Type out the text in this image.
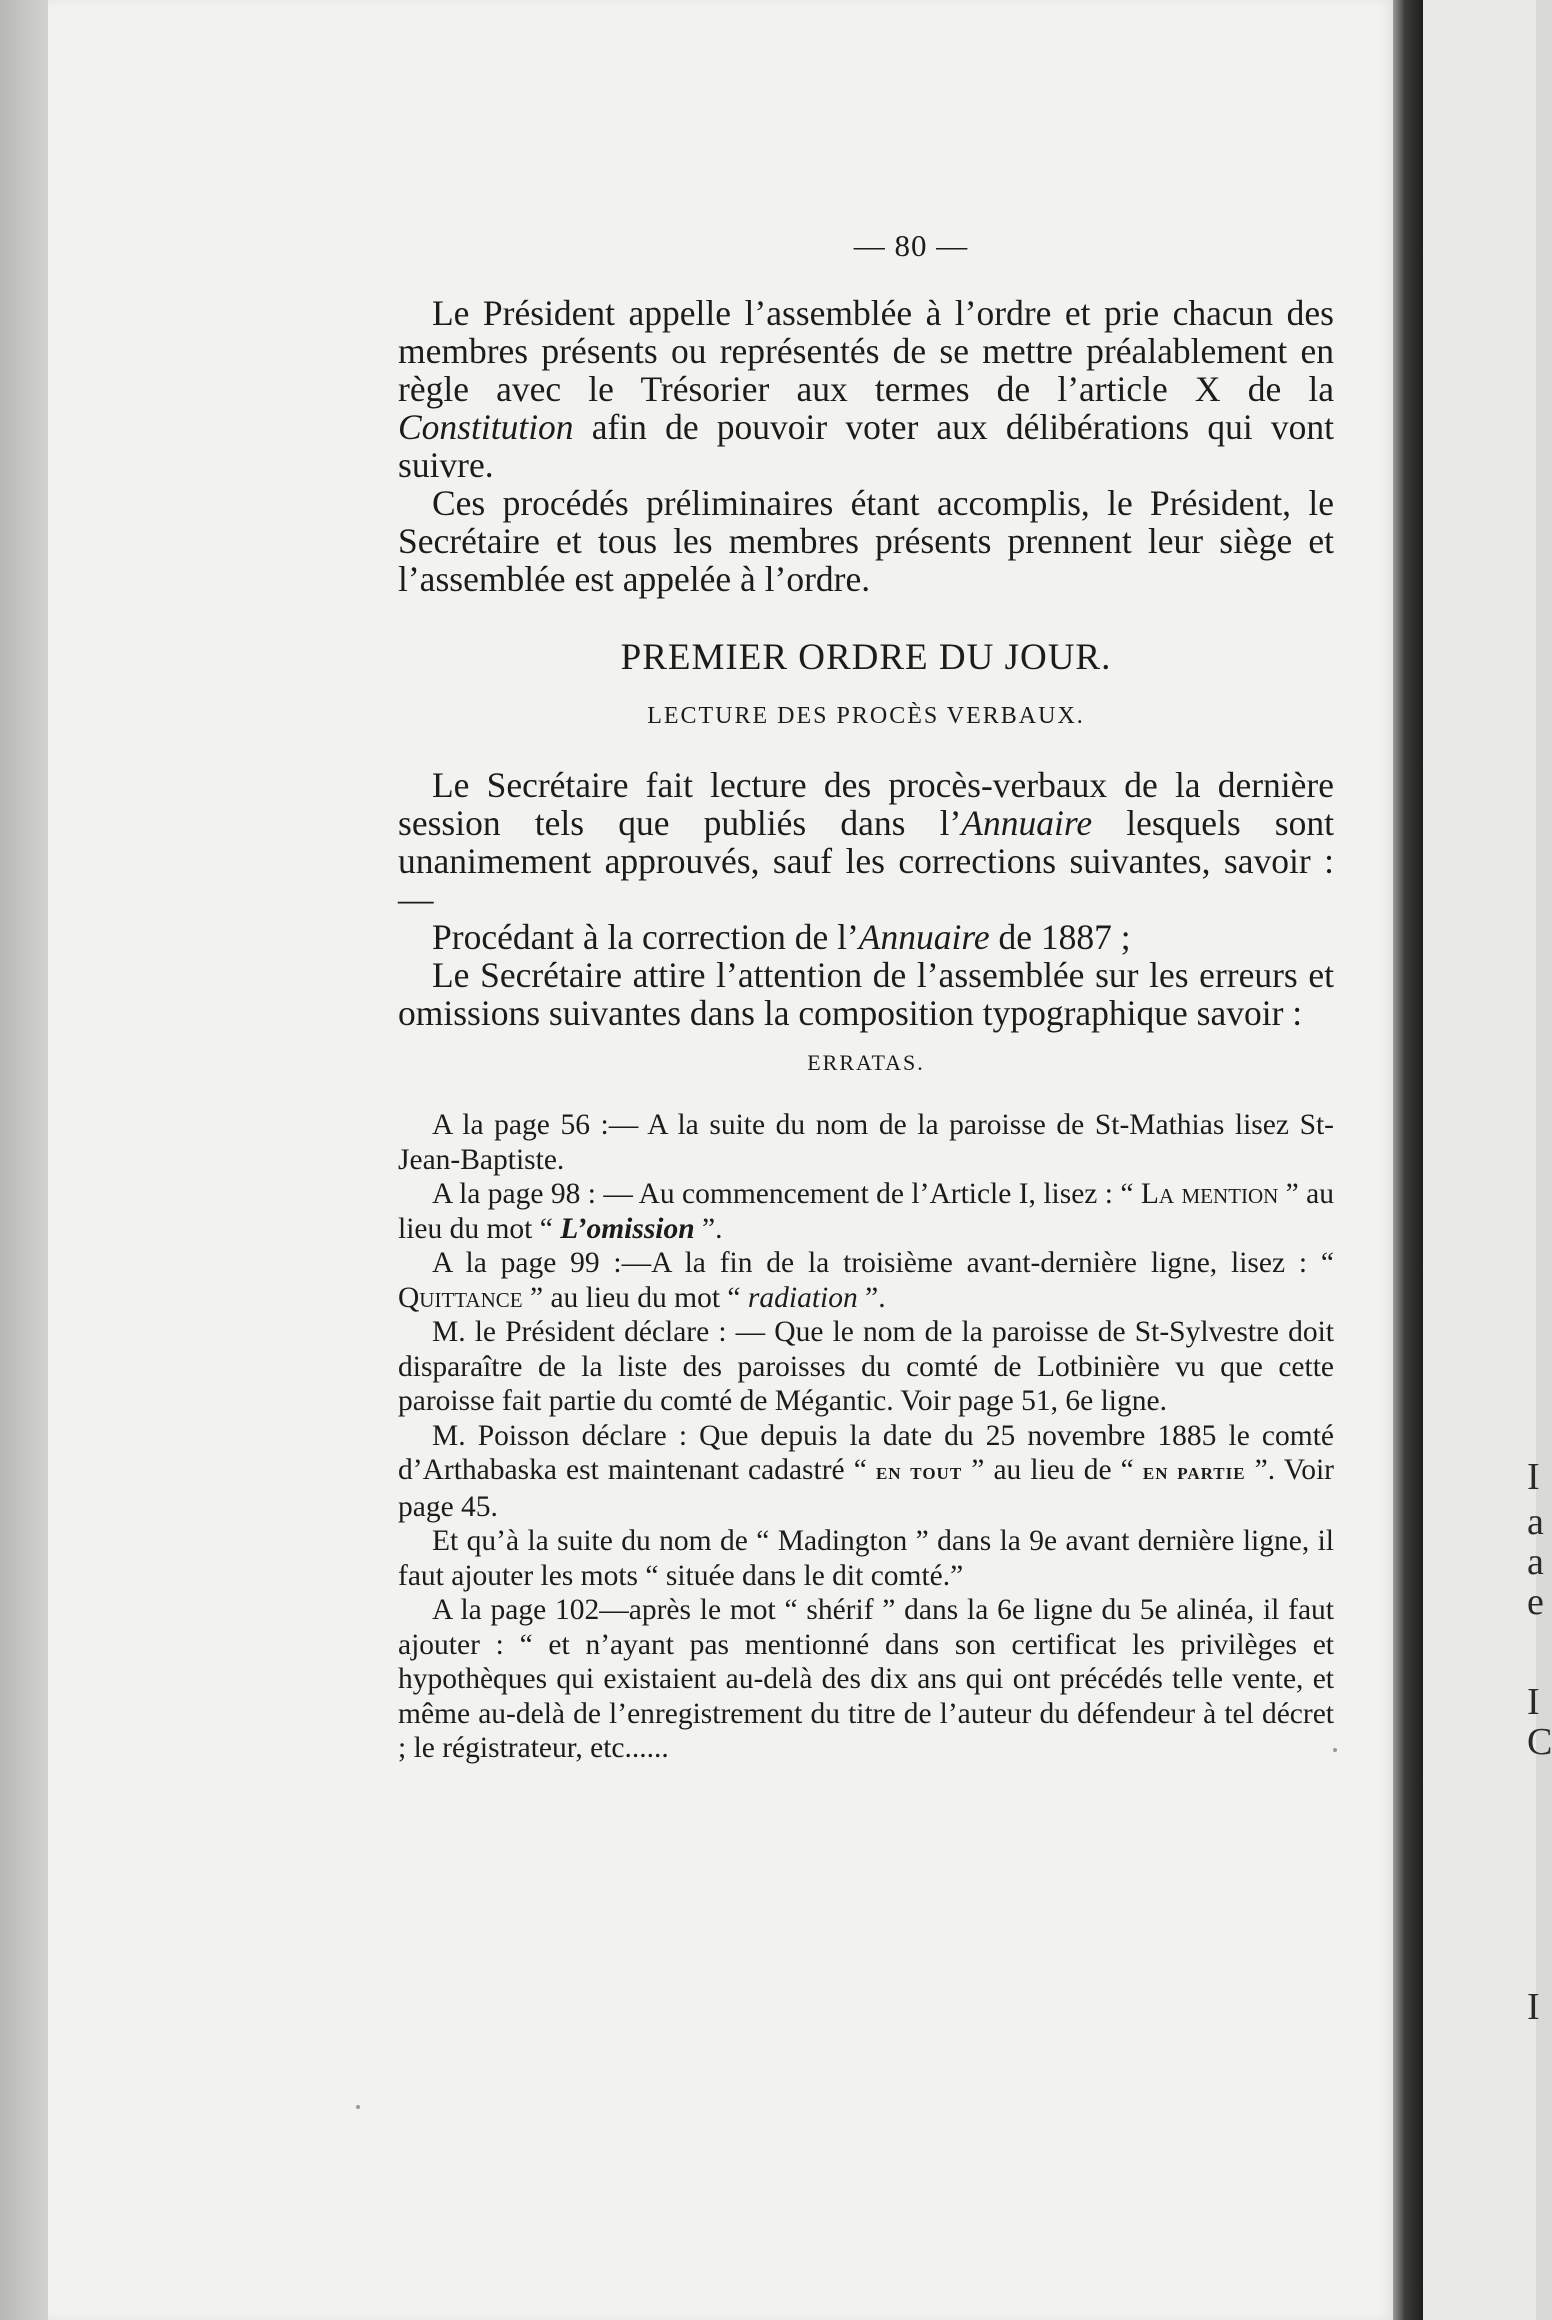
— 80 —

Le Président appelle l’assemblée à l’ordre et prie chacun des membres présents ou représentés de se mettre préalablement en règle avec le Trésorier aux termes de l’article X de la Constitution afin de pouvoir voter aux délibérations qui vont suivre.

Ces procédés préliminaires étant accomplis, le Président, le Secrétaire et tous les membres présents prennent leur siège et l’assemblée est appelée à l’ordre.

PREMIER ORDRE DU JOUR.
LECTURE DES PROCÈS VERBAUX.

Le Secrétaire fait lecture des procès-verbaux de la dernière session tels que publiés dans l’Annuaire lesquels sont unanimement approuvés, sauf les corrections suivantes, savoir :—

Procédant à la correction de l’Annuaire de 1887 ;

Le Secrétaire attire l’attention de l’assemblée sur les erreurs et omissions suivantes dans la composition typographique savoir :

ERRATAS.

A la page 56 :— A la suite du nom de la paroisse de St-Mathias lisez St-Jean-Baptiste.

A la page 98 : — Au commencement de l’Article I, lisez : “ La mention ” au lieu du mot “ L’omission ”.

A la page 99 :—A la fin de la troisième avant-dernière ligne, lisez : “ Quittance ” au lieu du mot “ radiation ”.

M. le Président déclare : — Que le nom de la paroisse de St-Sylvestre doit disparaître de la liste des paroisses du comté de Lotbinière vu que cette paroisse fait partie du comté de Mégantic. Voir page 51, 6e ligne.

M. Poisson déclare : Que depuis la date du 25 novembre 1885 le comté d’Arthabaska est maintenant cadastré “ en tout ” au lieu de “ en partie ”. Voir page 45.

Et qu’à la suite du nom de “ Madington ” dans la 9e avant dernière ligne, il faut ajouter les mots “ située dans le dit comté.”

A la page 102—après le mot “ shérif ” dans la 6e ligne du 5e alinéa, il faut ajouter : “ et n’ayant pas mentionné dans son certificat les privilèges et hypothèques qui existaient au-delà des dix ans qui ont précédés telle vente, et même au-delà de l’enregistrement du titre de l’auteur du défendeur à tel décret ; le régistrateur, etc......

I
a
a
e
I
C
I
